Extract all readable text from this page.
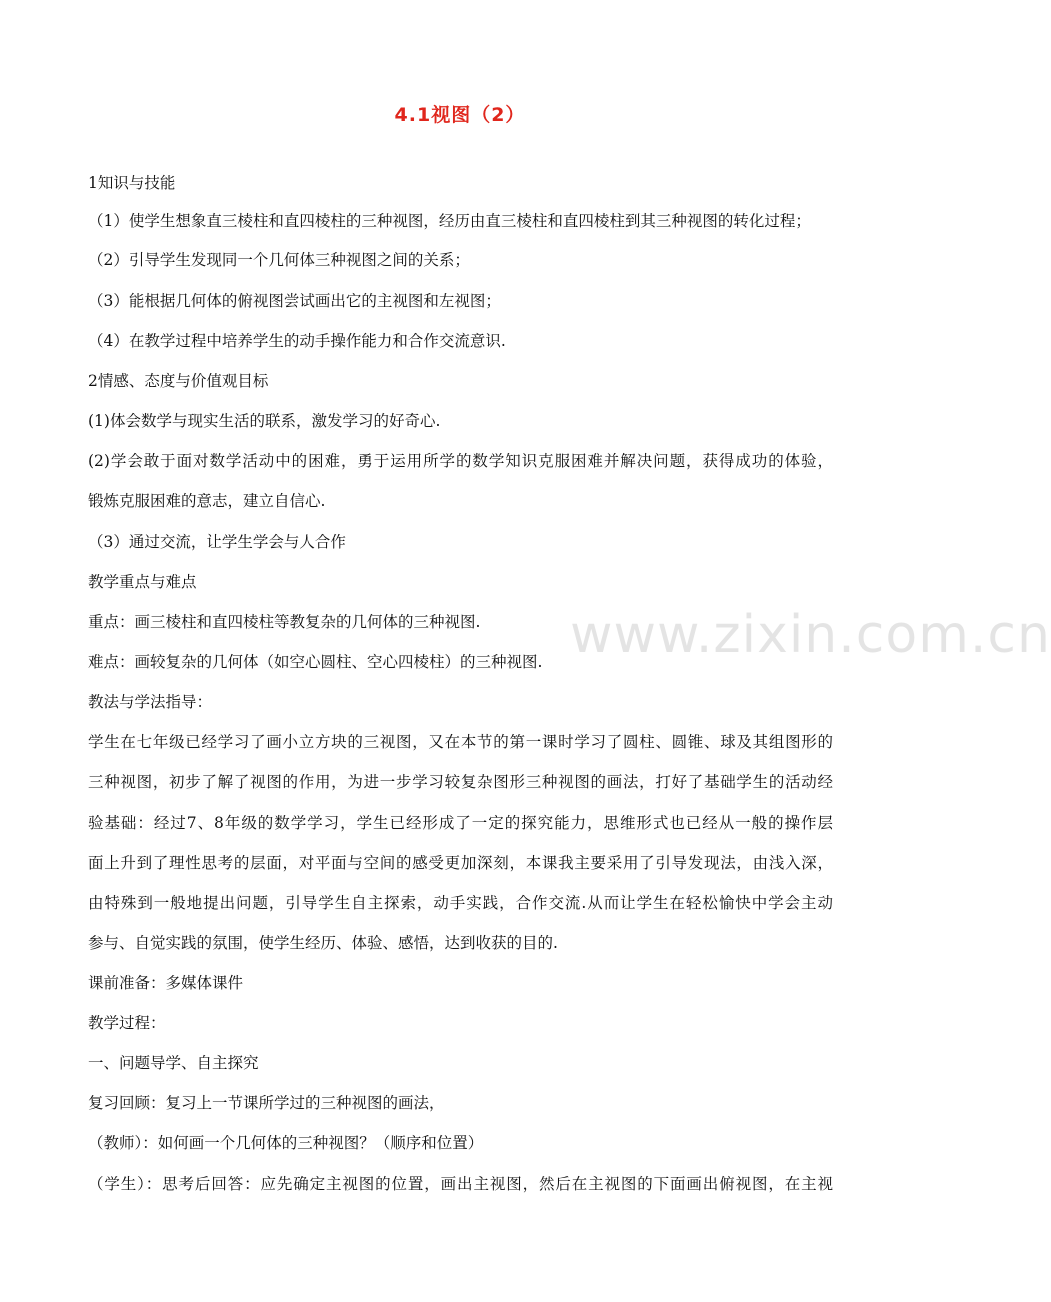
4.1视图（2）
www.zixin.com.cn
1知识与技能
（1）使学生想象直三棱柱和直四棱柱的三种视图，经历由直三棱柱和直四棱柱到其三种视图的转化过程；
（2）引导学生发现同一个几何体三种视图之间的关系；
（3）能根据几何体的俯视图尝试画出它的主视图和左视图；
（4）在教学过程中培养学生的动手操作能力和合作交流意识.
2情感、态度与价值观目标
(1)体会数学与现实生活的联系，激发学习的好奇心.
(2)学会敢于面对数学活动中的困难，勇于运用所学的数学知识克服困难并解决问题，获得成功的体验，
锻炼克服困难的意志，建立自信心.
（3）通过交流，让学生学会与人合作
教学重点与难点
重点：画三棱柱和直四棱柱等教复杂的几何体的三种视图.
难点：画较复杂的几何体（如空心圆柱、空心四棱柱）的三种视图.
教法与学法指导：
学生在七年级已经学习了画小立方块的三视图，又在本节的第一课时学习了圆柱、圆锥、球及其组图形的
三种视图，初步了解了视图的作用，为进一步学习较复杂图形三种视图的画法，打好了基础学生的活动经
验基础：经过7、8年级的数学学习，学生已经形成了一定的探究能力，思维形式也已经从一般的操作层
面上升到了理性思考的层面，对平面与空间的感受更加深刻，本课我主要采用了引导发现法，由浅入深，
由特殊到一般地提出问题，引导学生自主探索，动手实践，合作交流.从而让学生在轻松愉快中学会主动
参与、自觉实践的氛围，使学生经历、体验、感悟，达到收获的目的.
课前准备：多媒体课件
教学过程：
一、问题导学、自主探究
复习回顾：复习上一节课所学过的三种视图的画法，
（教师）：如何画一个几何体的三种视图？（顺序和位置）
（学生）：思考后回答：应先确定主视图的位置，画出主视图，然后在主视图的下面画出俯视图，在主视
